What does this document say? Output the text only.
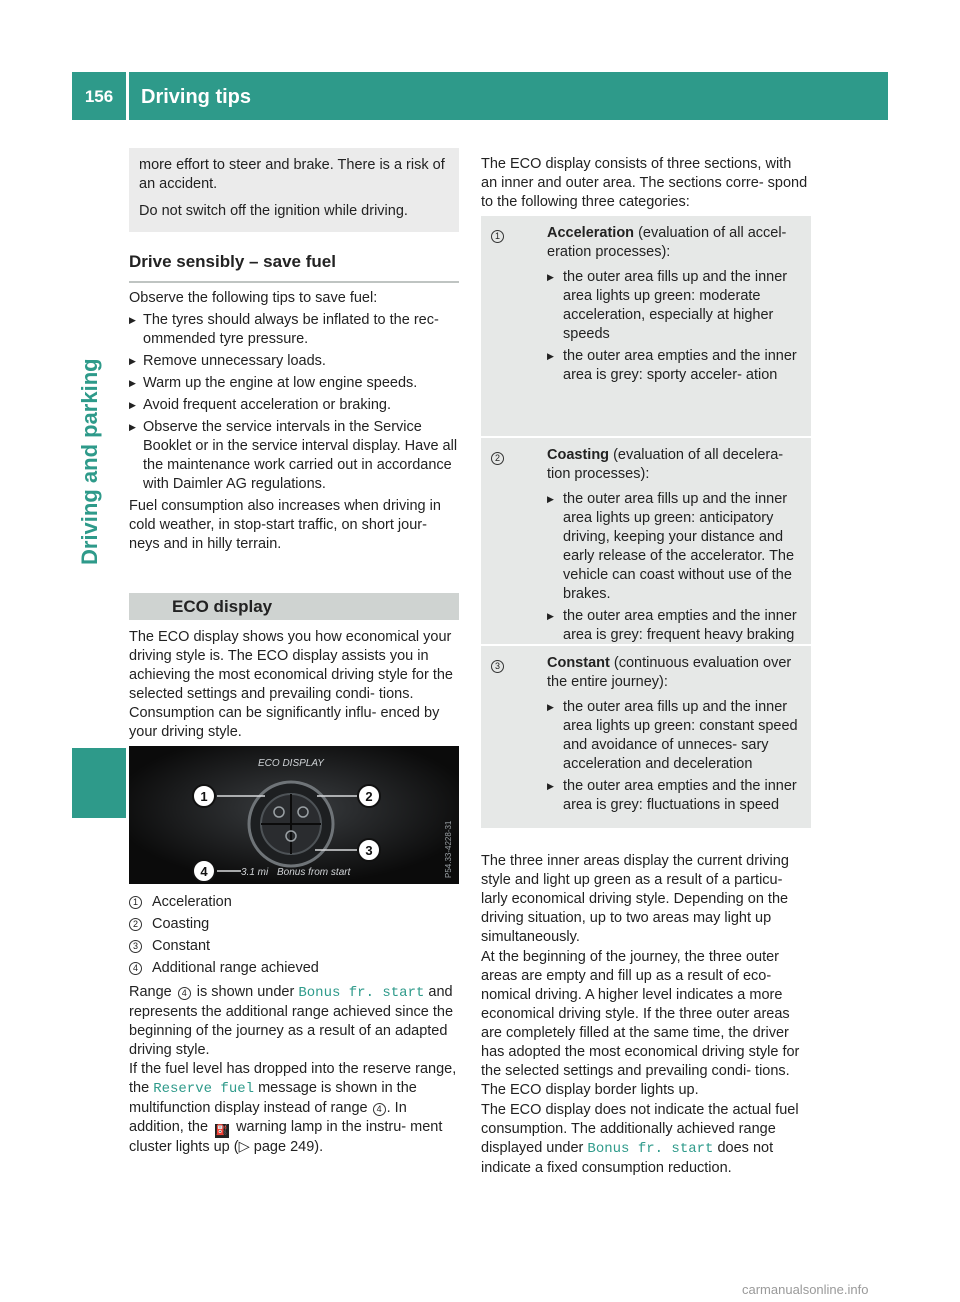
156	Driving tips
Driving and parking

more effort to steer and brake. There is a risk of an accident.

Do not switch off the ignition while driving.

Drive sensibly – save fuel

Observe the following tips to save fuel:

▶ The tyres should always be inflated to the rec- ommended tyre pressure.
▶ Remove unnecessary loads.
▶ Warm up the engine at low engine speeds.
▶ Avoid frequent acceleration or braking.
▶ Observe the service intervals in the Service Booklet or in the service interval display. Have all the maintenance work carried out in accordance with Daimler AG regulations.

Fuel consumption also increases when driving in cold weather, in stop-start traffic, on short jour- neys and in hilly terrain.

ECO display
The ECO display shows you how economical your driving style is. The ECO display assists you in achieving the most economical driving style for the selected settings and prevailing condi- tions. Consumption can be significantly influ- enced by your driving style.
ECO DISPLAY
1	2
3
4	3.1 mi Bonus from start	P54.33-4228-31
1 Acceleration
2 Coasting
3 Constant
4 Additional range achieved
Range 4 is shown under Bonus fr. start and represents the additional range achieved since the beginning of the journey as a result of an adapted driving style.
If the fuel level has dropped into the reserve range, the Reserve fuel message is shown in the multifunction display instead of range 4 . In addition, the ⛽ warning lamp in the instru- ment cluster lights up (▷ page 249).
The ECO display consists of three sections, with an inner and outer area. The sections corre- spond to the following three categories:
1	Acceleration (evaluation of all accel- eration processes):

▶ the outer area fills up and the inner area lights up green: moderate acceleration, especially at higher speeds
▶ the outer area empties and the inner area is grey: sporty acceler- ation
2	Coasting (evaluation of all decelera- tion processes):

▶ the outer area fills up and the inner area lights up green: anticipatory driving, keeping your distance and early release of the accelerator. The vehicle can coast without use of the brakes.
▶ the outer area empties and the inner area is grey: frequent heavy braking
3	Constant (continuous evaluation over the entire journey):

▶ the outer area fills up and the inner area lights up green: constant speed and avoidance of unneces- sary acceleration and deceleration
▶ the outer area empties and the inner area is grey: fluctuations in speed
The three inner areas display the current driving style and light up green as a result of a particu- larly economical driving style. Depending on the driving situation, up to two areas may light up simultaneously.
At the beginning of the journey, the three outer areas are empty and fill up as a result of eco- nomical driving. A higher level indicates a more economical driving style. If the three outer areas are completely filled at the same time, the driver has adopted the most economical driving style for the selected settings and prevailing condi- tions. The ECO display border lights up.
The ECO display does not indicate the actual fuel consumption. The additionally achieved range displayed under Bonus fr. start does not indicate a fixed consumption reduction.
carmanualsonline.info
